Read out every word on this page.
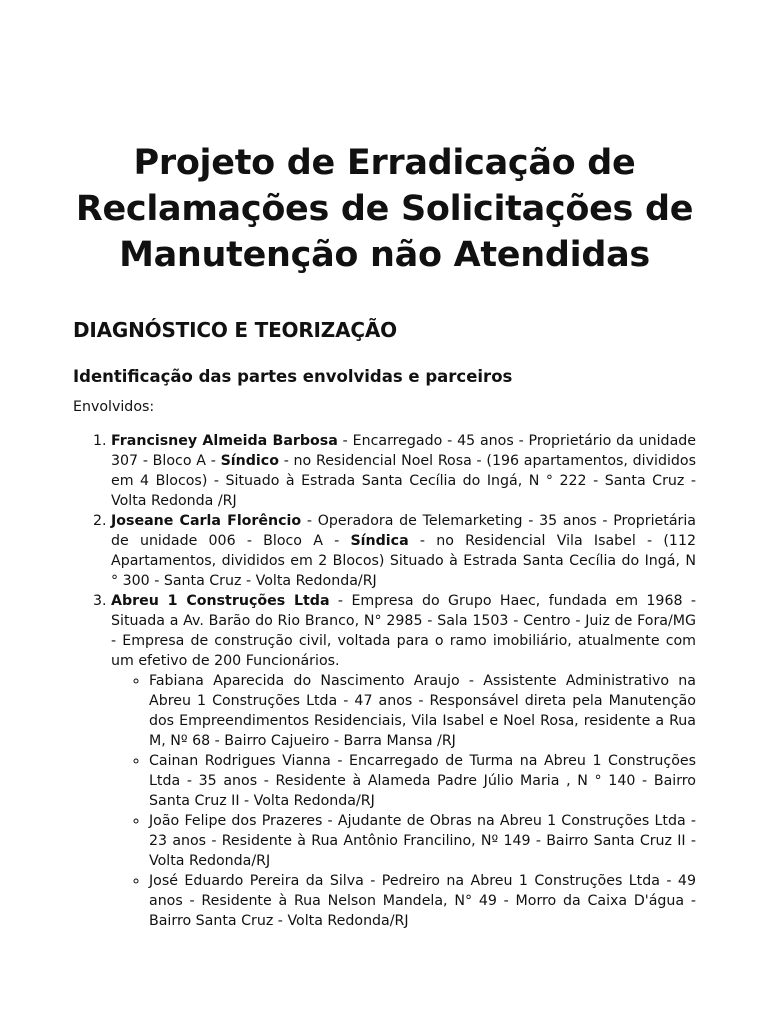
Projeto de Erradicação de
Reclamações de Solicitações de
Manutenção não Atendidas
DIAGNÓSTICO E TEORIZAÇÃO
Identificação das partes envolvidas e parceiros

Envolvidos:

1. Francisney Almeida Barbosa - Encarregado - 45 anos - Proprietário da unidade 307 - Bloco A - Síndico - no Residencial Noel Rosa - (196 apartamentos, divididos em 4 Blocos) - Situado à Estrada Santa Cecília do Ingá, N ° 222 - Santa Cruz - Volta Redonda /RJ
2. Joseane Carla Florêncio - Operadora de Telemarketing - 35 anos - Proprietária de unidade 006 - Bloco A - Síndica - no Residencial Vila Isabel - (112 Apartamentos, divididos em 2 Blocos) Situado à Estrada Santa Cecília do Ingá, N ° 300 - Santa Cruz - Volta Redonda/RJ
3. Abreu 1 Construções Ltda - Empresa do Grupo Haec, fundada em 1968 - Situada a Av. Barão do Rio Branco, N° 2985 - Sala 1503 - Centro - Juiz de Fora/MG - Empresa de construção civil, voltada para o ramo imobiliário, atualmente com um efetivo de 200 Funcionários.
◦ Fabiana Aparecida do Nascimento Araujo - Assistente Administrativo na Abreu 1 Construções Ltda - 47 anos - Responsável direta pela Manutenção dos Empreendimentos Residenciais, Vila Isabel e Noel Rosa, residente a Rua M, Nº 68 - Bairro Cajueiro - Barra Mansa /RJ
◦ Cainan Rodrigues Vianna - Encarregado de Turma na Abreu 1 Construções Ltda - 35 anos - Residente à Alameda Padre Júlio Maria , N ° 140 - Bairro Santa Cruz II - Volta Redonda/RJ
◦ João Felipe dos Prazeres - Ajudante de Obras na Abreu 1 Construções Ltda - 23 anos - Residente à Rua Antônio Francilino, Nº 149 - Bairro Santa Cruz II - Volta Redonda/RJ
◦ José Eduardo Pereira da Silva - Pedreiro na Abreu 1 Construções Ltda - 49 anos - Residente à Rua Nelson Mandela, N° 49 - Morro da Caixa D'água - Bairro Santa Cruz - Volta Redonda/RJ
